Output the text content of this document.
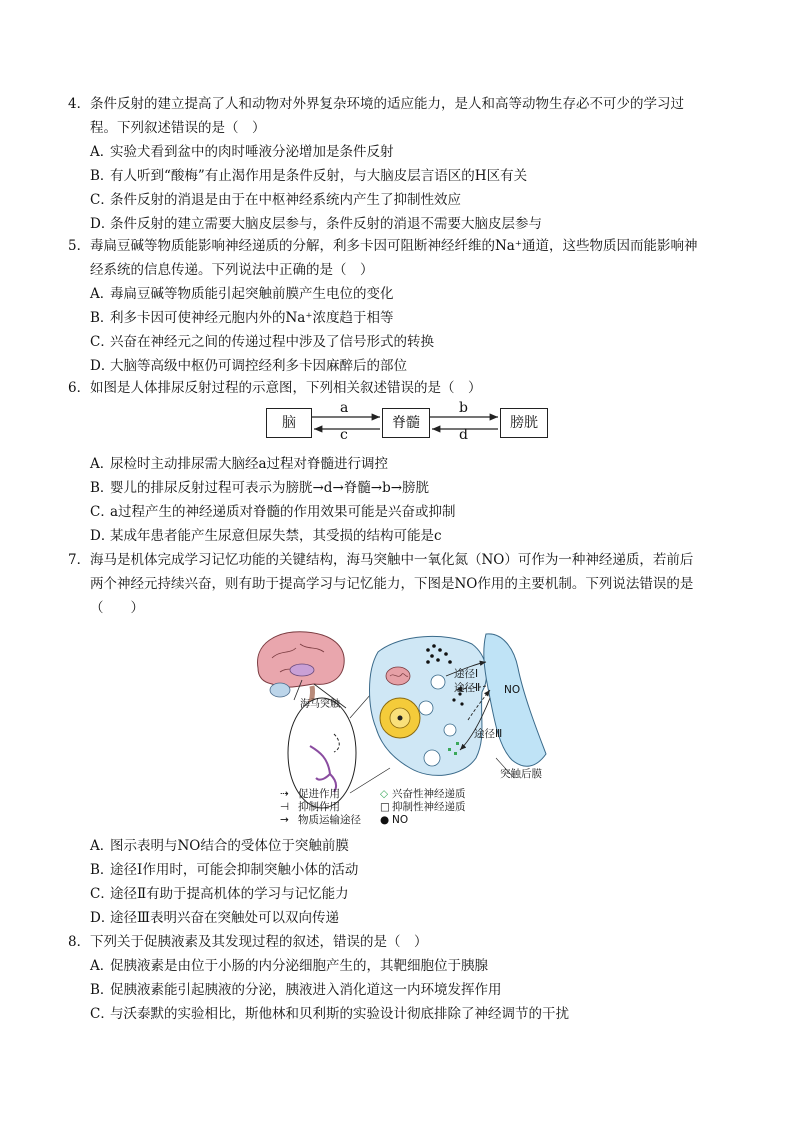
4．条件反射的建立提高了人和动物对外界复杂环境的适应能力，是人和高等动物生存必不可少的学习过
程。下列叙述错误的是（　）
A．实验犬看到盆中的肉时唾液分泌增加是条件反射
B．有人听到“酸梅”有止渴作用是条件反射，与大脑皮层言语区的H区有关
C．条件反射的消退是由于在中枢神经系统内产生了抑制性效应
D．条件反射的建立需要大脑皮层参与，条件反射的消退不需要大脑皮层参与
5．毒扁豆碱等物质能影响神经递质的分解，利多卡因可阻断神经纤维的Na⁺通道，这些物质因而能影响神
经系统的信息传递。下列说法中正确的是（　）
A．毒扁豆碱等物质能引起突触前膜产生电位的变化
B．利多卡因可使神经元胞内外的Na⁺浓度趋于相等
C．兴奋在神经元之间的传递过程中涉及了信号形式的转换
D．大脑等高级中枢仍可调控经利多卡因麻醉后的部位
6．如图是人体排尿反射过程的示意图，下列相关叙述错误的是（　）
脑	脊髓	膀胱
a
c
b
d
A．尿检时主动排尿需大脑经a过程对脊髓进行调控
B．婴儿的排尿反射过程可表示为膀胱→d→脊髓→b→膀胱
C．a过程产生的神经递质对脊髓的作用效果可能是兴奋或抑制
D．某成年患者能产生尿意但尿失禁，其受损的结构可能是c
7．海马是机体完成学习记忆功能的关键结构，海马突触中一氧化氮（NO）可作为一种神经递质，若前后
两个神经元持续兴奋，则有助于提高学习与记忆能力，下图是NO作用的主要机制。下列说法错误的是
（　　）
海马突触
途径Ⅰ
途径Ⅱ NO
途径Ⅲ
突触后膜
⇢ 促进作用
⊣ 抑制作用
→ 物质运输途径
◇ 兴奋性神经递质
□ 抑制性神经递质
● NO
A．图示表明与NO结合的受体位于突触前膜
B．途径Ⅰ作用时，可能会抑制突触小体的活动
C．途径Ⅱ有助于提高机体的学习与记忆能力
D．途径Ⅲ表明兴奋在突触处可以双向传递
8．下列关于促胰液素及其发现过程的叙述，错误的是（　）
A．促胰液素是由位于小肠的内分泌细胞产生的，其靶细胞位于胰腺
B．促胰液素能引起胰液的分泌，胰液进入消化道这一内环境发挥作用
C．与沃泰默的实验相比，斯他林和贝利斯的实验设计彻底排除了神经调节的干扰
